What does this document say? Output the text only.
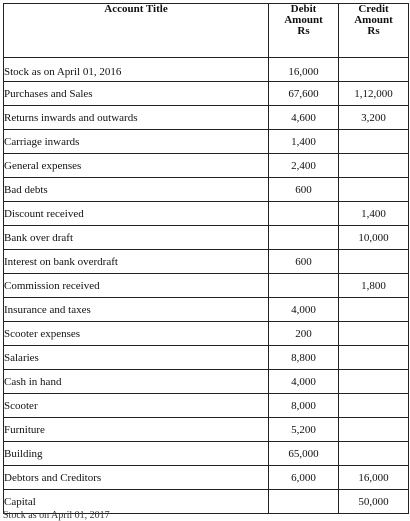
Account Title	Debit
Amount
Rs	Credit
Amount
Rs

Stock as on April 01, 2016	16,000	
Purchases and Sales	67,600	1,12,000
Returns inwards and outwards	4,600	3,200
Carriage inwards	1,400	
General expenses	2,400	
Bad debts	600	
Discount received		1,400
Bank over draft		10,000
Interest on bank overdraft	600	
Commission received		1,800
Insurance and taxes	4,000	
Scooter expenses	200	
Salaries	8,800	
Cash in hand	4,000	
Scooter	8,000	
Furniture	5,200	
Building	65,000	
Debtors and Creditors	6,000	16,000
Capital		50,000
Stock as on April 01, 2017
